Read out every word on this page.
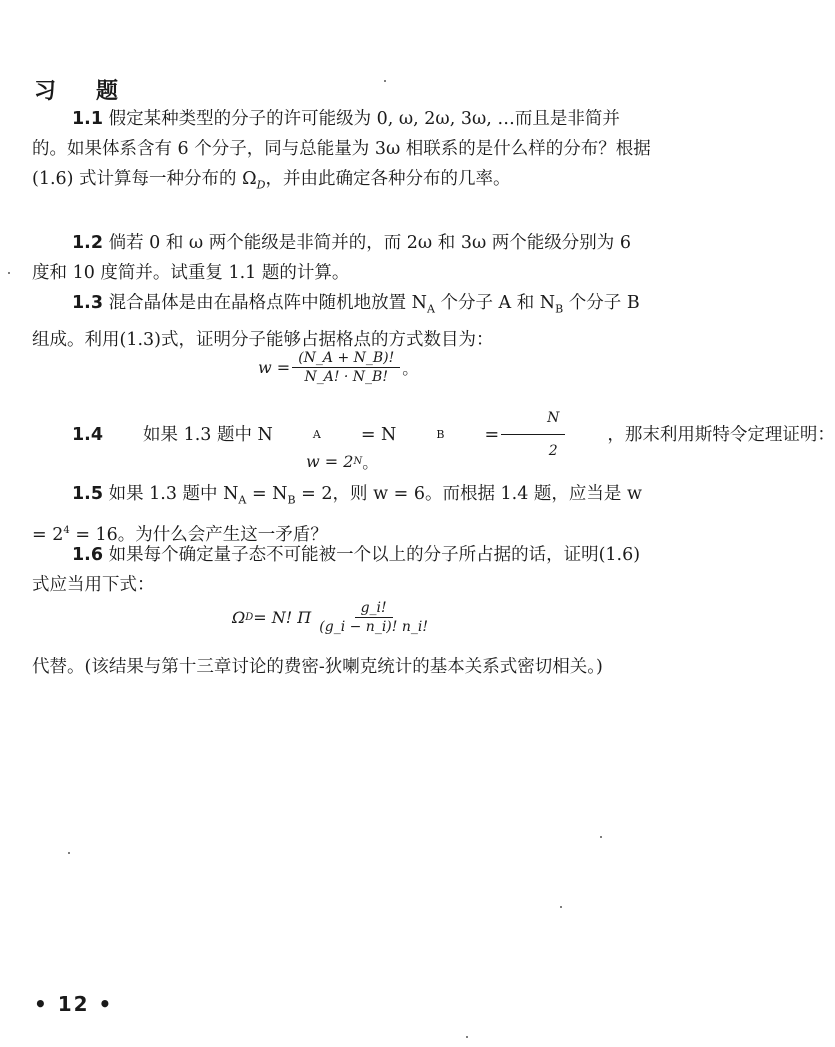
习 题
1.1 假定某种类型的分子的许可能级为 0, ω, 2ω, 3ω, …而且是非简并的。如果体系含有 6 个分子，同与总能量为 3ω 相联系的是什么样的分布？根据 (1.6) 式计算每一种分布的 $\Omega_D$，并由此确定各种分布的几率。
1.2 倘若 0 和 ω 两个能级是非简并的，而 2ω 和 3ω 两个能级分别为 6 度和 10 度简并。试重复 1.1 题的计算。
1.3 混合晶体是由在晶格点阵中随机地放置 $N_A$ 个分子 A 和 $N_B$ 个分子 B 组成。利用(1.3)式，证明分子能够占据格点的方式数目为：
$w = \frac{(N\_A + N\_B)!}{N\_A! \cdot N\_B!}$ 。
1.4	如果 1.3 题中 N	A	= N	B	= $\frac{N}{2}$	，那末利用斯特令定理证明：
w = 2 N 。
1.5 如果 1.3 题中 $N_A = N_B = 2$，则 w = 6。而根据 1.4 题，应当是 $w = 2^4 = 16$。为什么会产生这一矛盾？
1.6 如果每个确定量子态不可能被一个以上的分子所占据的话，证明(1.6)式应当用下式：
Ω D = N! Π $\frac{g\_i!}{(g\_i - n\_i)! n\_i!}$
代替。(该结果与第十三章讨论的费密-狄喇克统计的基本关系式密切相关。)
• 12 •
